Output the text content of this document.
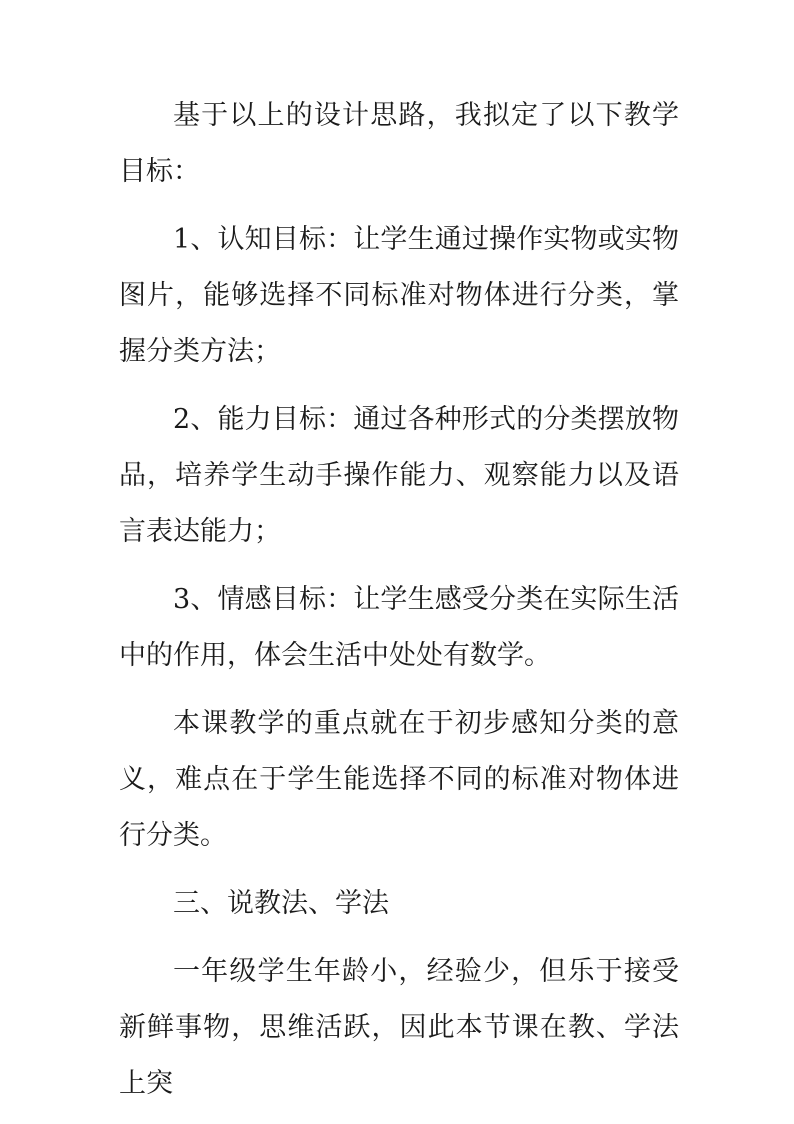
基于以上的设计思路，我拟定了以下教学目标：

1、认知目标：让学生通过操作实物或实物图片，能够选择不同标准对物体进行分类，掌握分类方法；

2、能力目标：通过各种形式的分类摆放物品，培养学生动手操作能力、观察能力以及语言表达能力；

3、情感目标：让学生感受分类在实际生活中的作用，体会生活中处处有数学。

本课教学的重点就在于初步感知分类的意义，难点在于学生能选择不同的标准对物体进行分类。

三、说教法、学法

一年级学生年龄小，经验少，但乐于接受新鲜事物，思维活跃，因此本节课在教、学法上突
